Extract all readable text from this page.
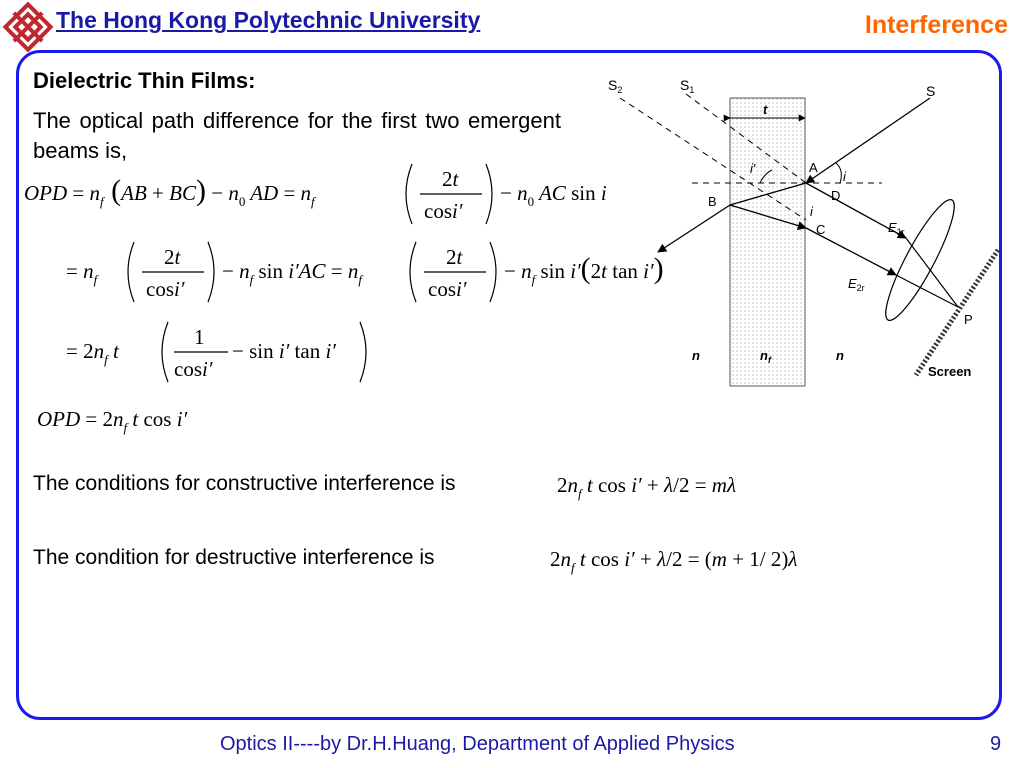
The Hong Kong Polytechnic University	Interference
Dielectric Thin Films:
The optical path difference for the first two emergent beams is,
OPD = $n_f$ $(AB + BC) - n_0$ AD = $n_f$
2t
cosi′
− $n_0$ AC sin i
= $n_f$
2t
cosi′
− $n_f$ $\sin i'AC = n_f$
2t
cosi′
− $n_f$ sin i′(2t tan i′)
= $2n_f$ t
1
cosi′
− sin i′ tan i′
OPD = $2n_f$ t cos i′
The conditions for constructive interference is	$2n_f$ t cos i′ + λ/2 = mλ
The condition for destructive interference is	$2n_f$ t cos i′ + λ/2 = (m + 1/ 2)λ
t
$S_2$	$S_1$	S
i′
i
i
A
D
B
C	$E_{1r}$
$E_{2r}$
P
n	$n_f$	n
Screen
Optics II----by Dr.H.Huang, Department of Applied Physics	9
